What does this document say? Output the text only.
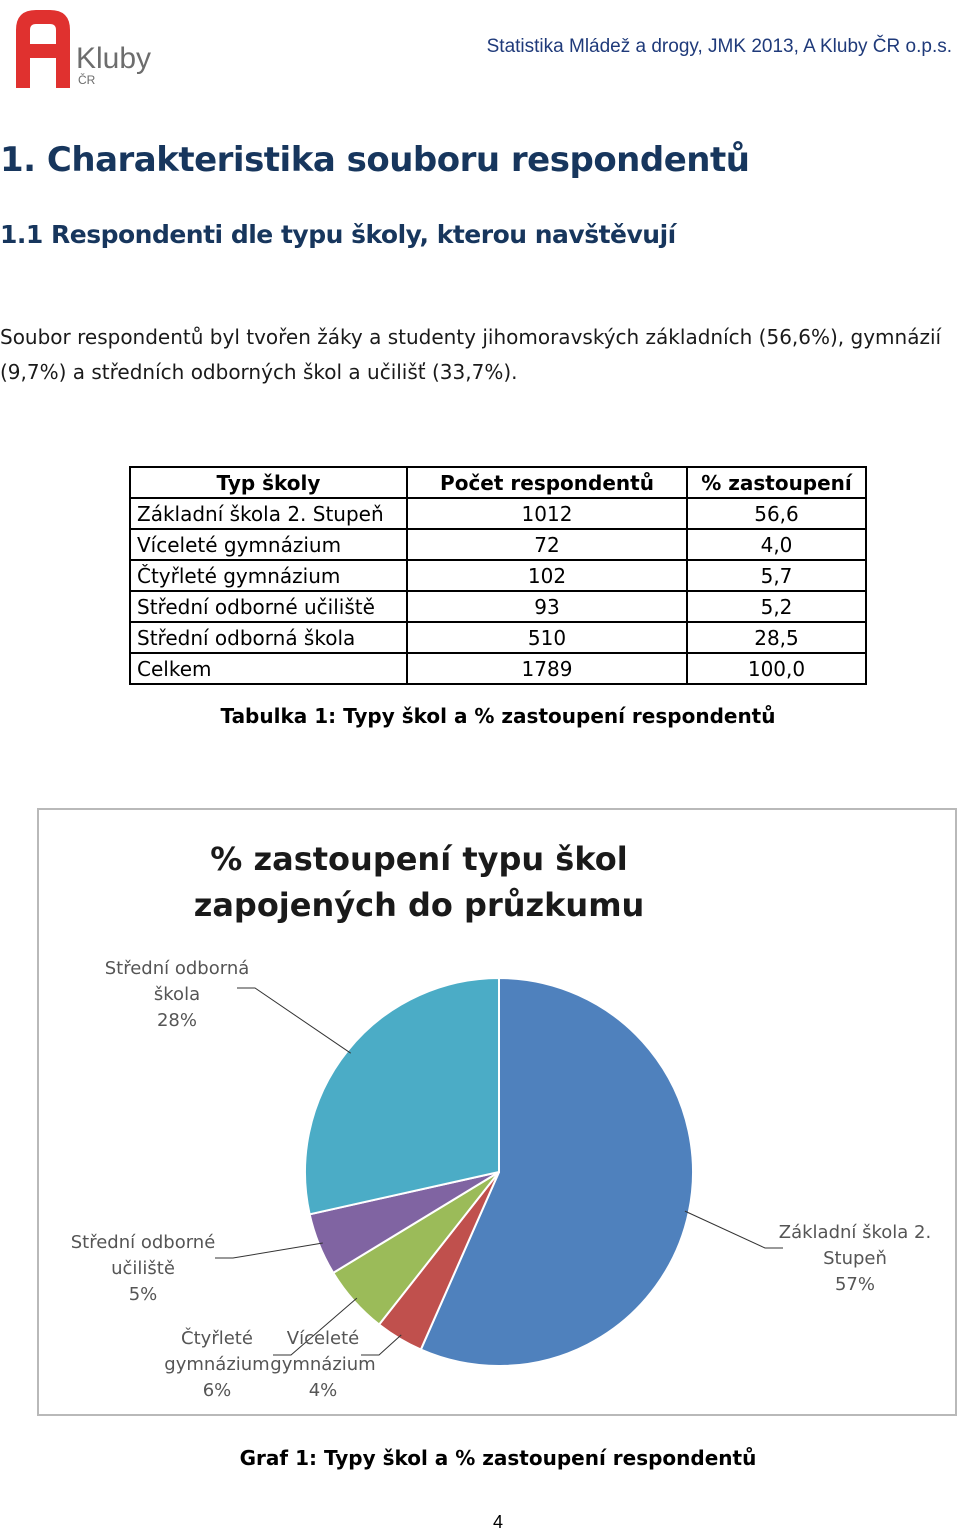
Kluby
ČR
Statistika Mládež a drogy, JMK 2013, A Kluby ČR o.p.s.
1. Charakteristika souboru respondentů
1.1 Respondenti dle typu školy, kterou navštěvují

Soubor respondentů byl tvořen žáky a studenty jihomoravských základních (56,6%), gymnázií
(9,7%) a středních odborných škol a učilišť (33,7%).

Typ školy	Počet respondentů	% zastoupení
Základní škola 2. Stupeň	1012	56,6
Víceleté gymnázium	72	4,0
Čtyřleté gymnázium	102	5,7
Střední odborné učiliště	93	5,2
Střední odborná škola	510	28,5
Celkem	1789	100,0
Tabulka 1: Typy škol a % zastoupení respondentů
% zastoupení typu škol zapojených do průzkumu
Základní škola 2.
Stupeň
57%
Víceleté
gymnázium
4%
Čtyřleté
gymnázium
6%
Střední odborné
učiliště
5%
Střední odborná
škola
28%
Graf 1: Typy škol a % zastoupení respondentů
4
